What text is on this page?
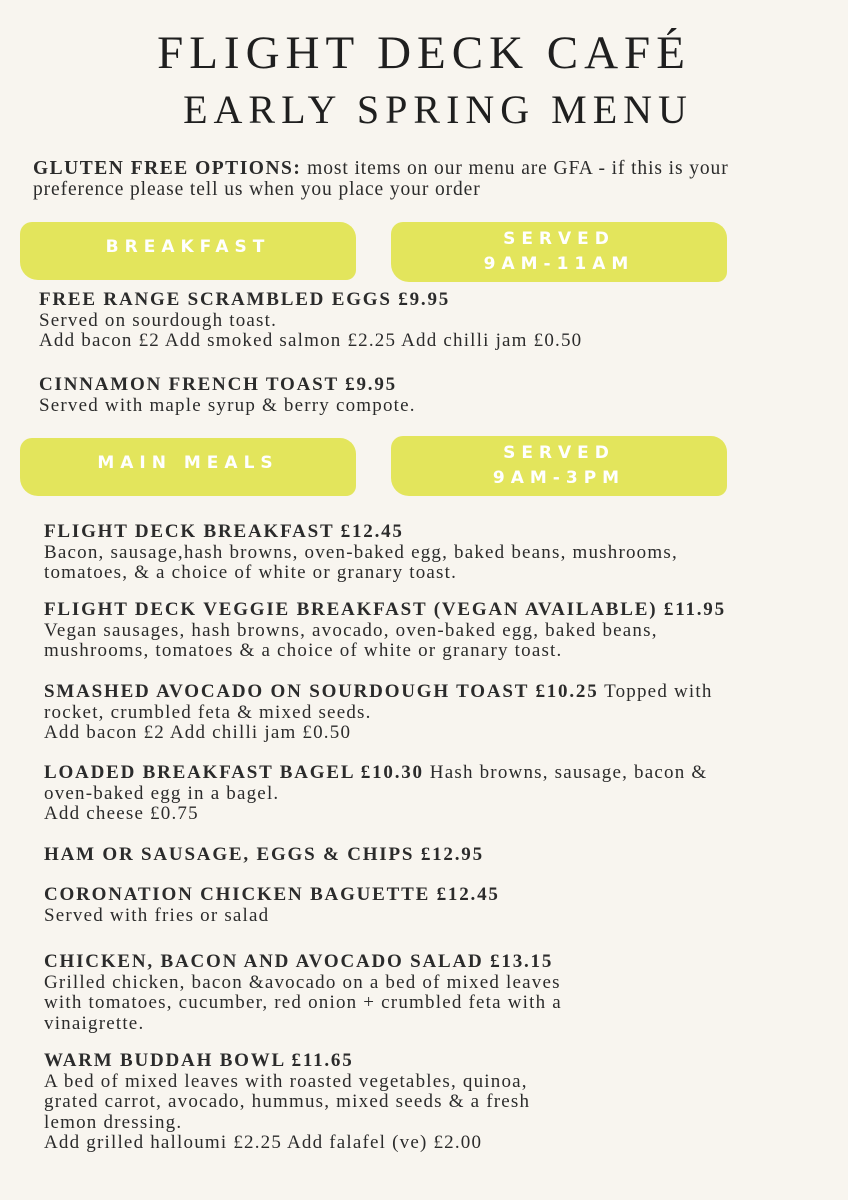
FLIGHT DECK CAFÉ
EARLY SPRING MENU
GLUTEN FREE OPTIONS: most items on our menu are GFA - if this is your preference please tell us when you place your order
BREAKFAST	SERVED
9AM-11AM
FREE RANGE SCRAMBLED EGGS £9.95
Served on sourdough toast.
Add bacon £2 Add smoked salmon £2.25 Add chilli jam £0.50
CINNAMON FRENCH TOAST £9.95
Served with maple syrup & berry compote.
MAIN MEALS	SERVED
9AM-3PM
FLIGHT DECK BREAKFAST £12.45
Bacon, sausage,hash browns, oven-baked egg, baked beans, mushrooms,
tomatoes, & a choice of white or granary toast.
FLIGHT DECK VEGGIE BREAKFAST (VEGAN AVAILABLE) £11.95
Vegan sausages, hash browns, avocado, oven-baked egg, baked beans,
mushrooms, tomatoes & a choice of white or granary toast.
SMASHED AVOCADO ON SOURDOUGH TOAST £10.25 Topped with
rocket, crumbled feta & mixed seeds.
Add bacon £2 Add chilli jam £0.50
LOADED BREAKFAST BAGEL £10.30 Hash browns, sausage, bacon &
oven-baked egg in a bagel.
Add cheese £0.75
HAM OR SAUSAGE, EGGS & CHIPS £12.95
CORONATION CHICKEN BAGUETTE £12.45
Served with fries or salad
CHICKEN, BACON AND AVOCADO SALAD £13.15
Grilled chicken, bacon &avocado on a bed of mixed leaves
with tomatoes, cucumber, red onion + crumbled feta with a
vinaigrette.
WARM BUDDAH BOWL £11.65
A bed of mixed leaves with roasted vegetables, quinoa,
grated carrot, avocado, hummus, mixed seeds & a fresh
lemon dressing.
Add grilled halloumi £2.25 Add falafel (ve) £2.00
